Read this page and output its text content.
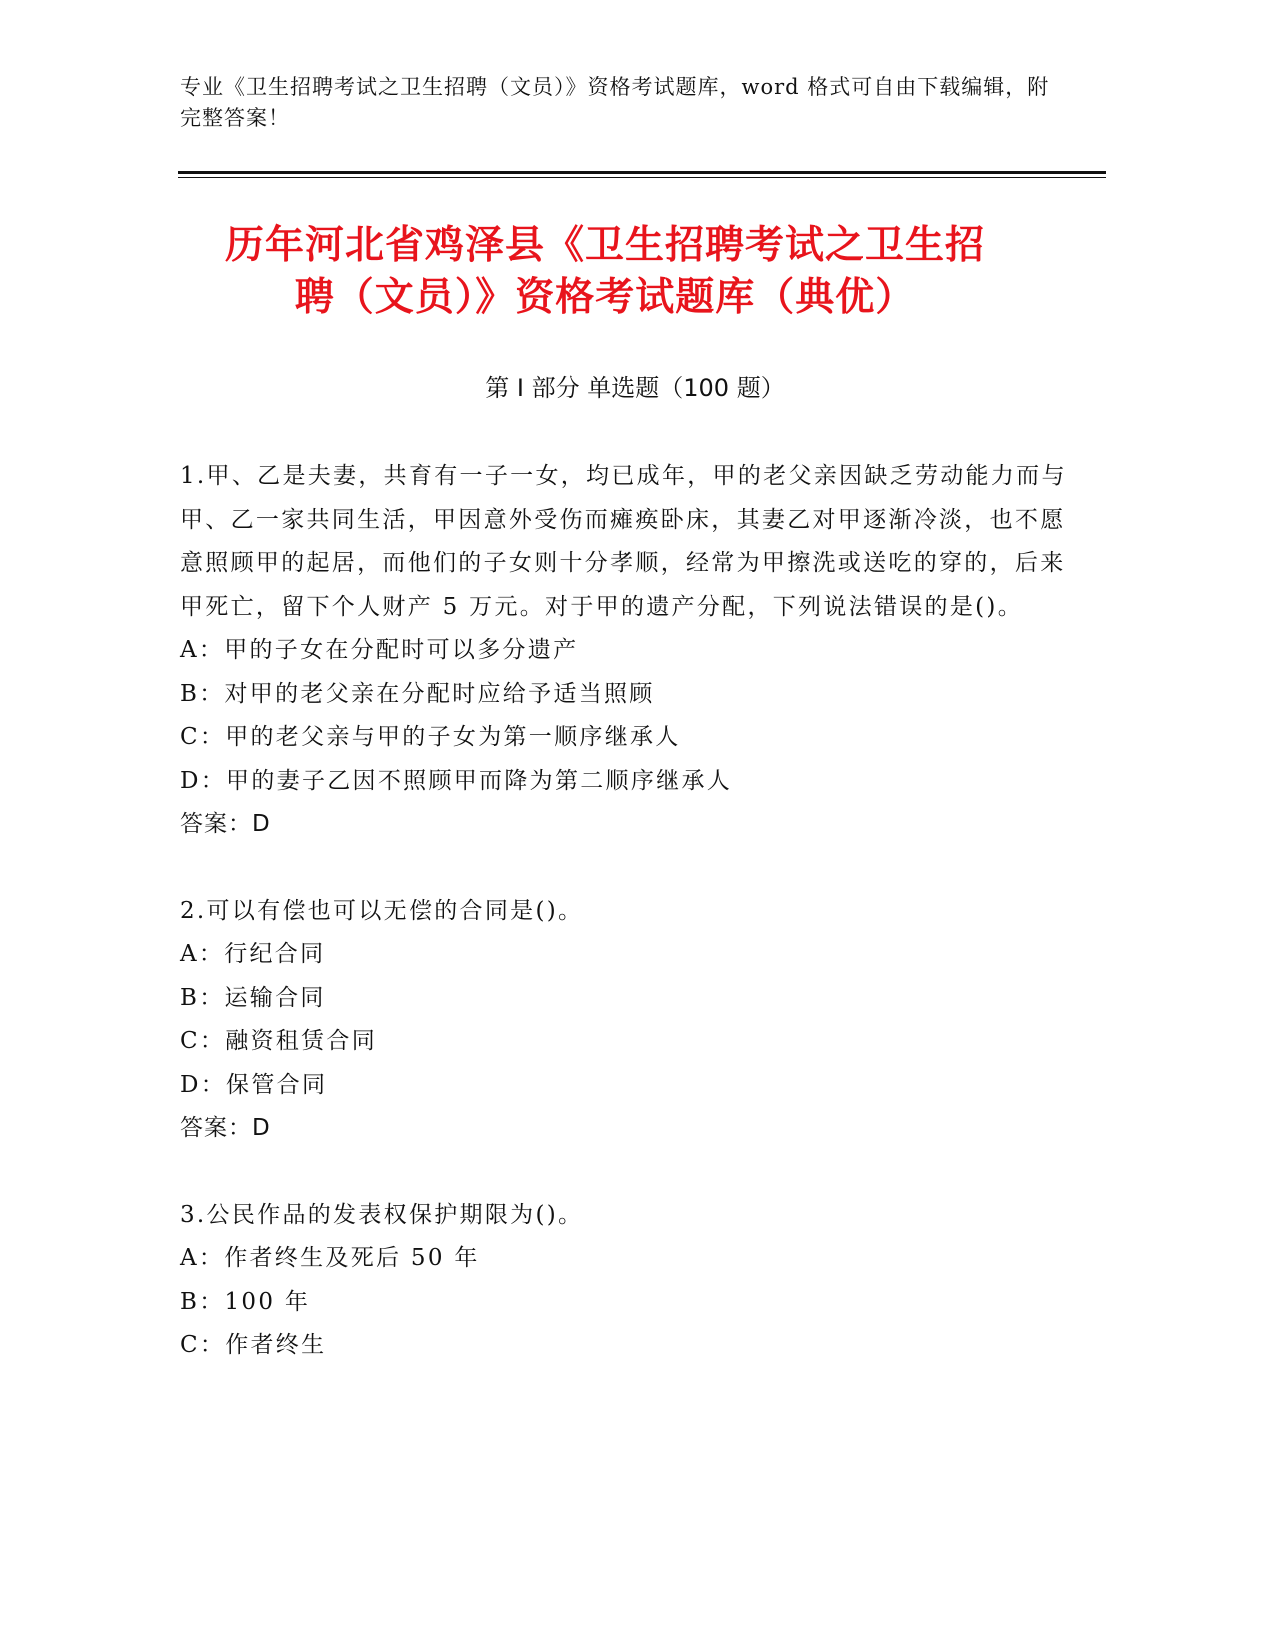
专业《卫生招聘考试之卫生招聘（文员）》资格考试题库，word 格式可自由下载编辑，附完整答案！
历年河北省鸡泽县《卫生招聘考试之卫生招
聘（文员）》资格考试题库（典优）
第 I 部分 单选题（100 题）
1.甲、乙是夫妻，共育有一子一女，均已成年，甲的老父亲因缺乏劳动能力而与甲、乙一家共同生活，甲因意外受伤而瘫痪卧床，其妻乙对甲逐渐冷淡，也不愿意照顾甲的起居，而他们的子女则十分孝顺，经常为甲擦洗或送吃的穿的，后来甲死亡，留下个人财产 5 万元。对于甲的遗产分配，下列说法错误的是()。
A：甲的子女在分配时可以多分遗产
B：对甲的老父亲在分配时应给予适当照顾
C：甲的老父亲与甲的子女为第一顺序继承人
D：甲的妻子乙因不照顾甲而降为第二顺序继承人
答案：D
2.可以有偿也可以无偿的合同是()。
A：行纪合同
B：运输合同
C：融资租赁合同
D：保管合同
答案：D
3.公民作品的发表权保护期限为()。
A：作者终生及死后 50 年
B：100 年
C：作者终生
